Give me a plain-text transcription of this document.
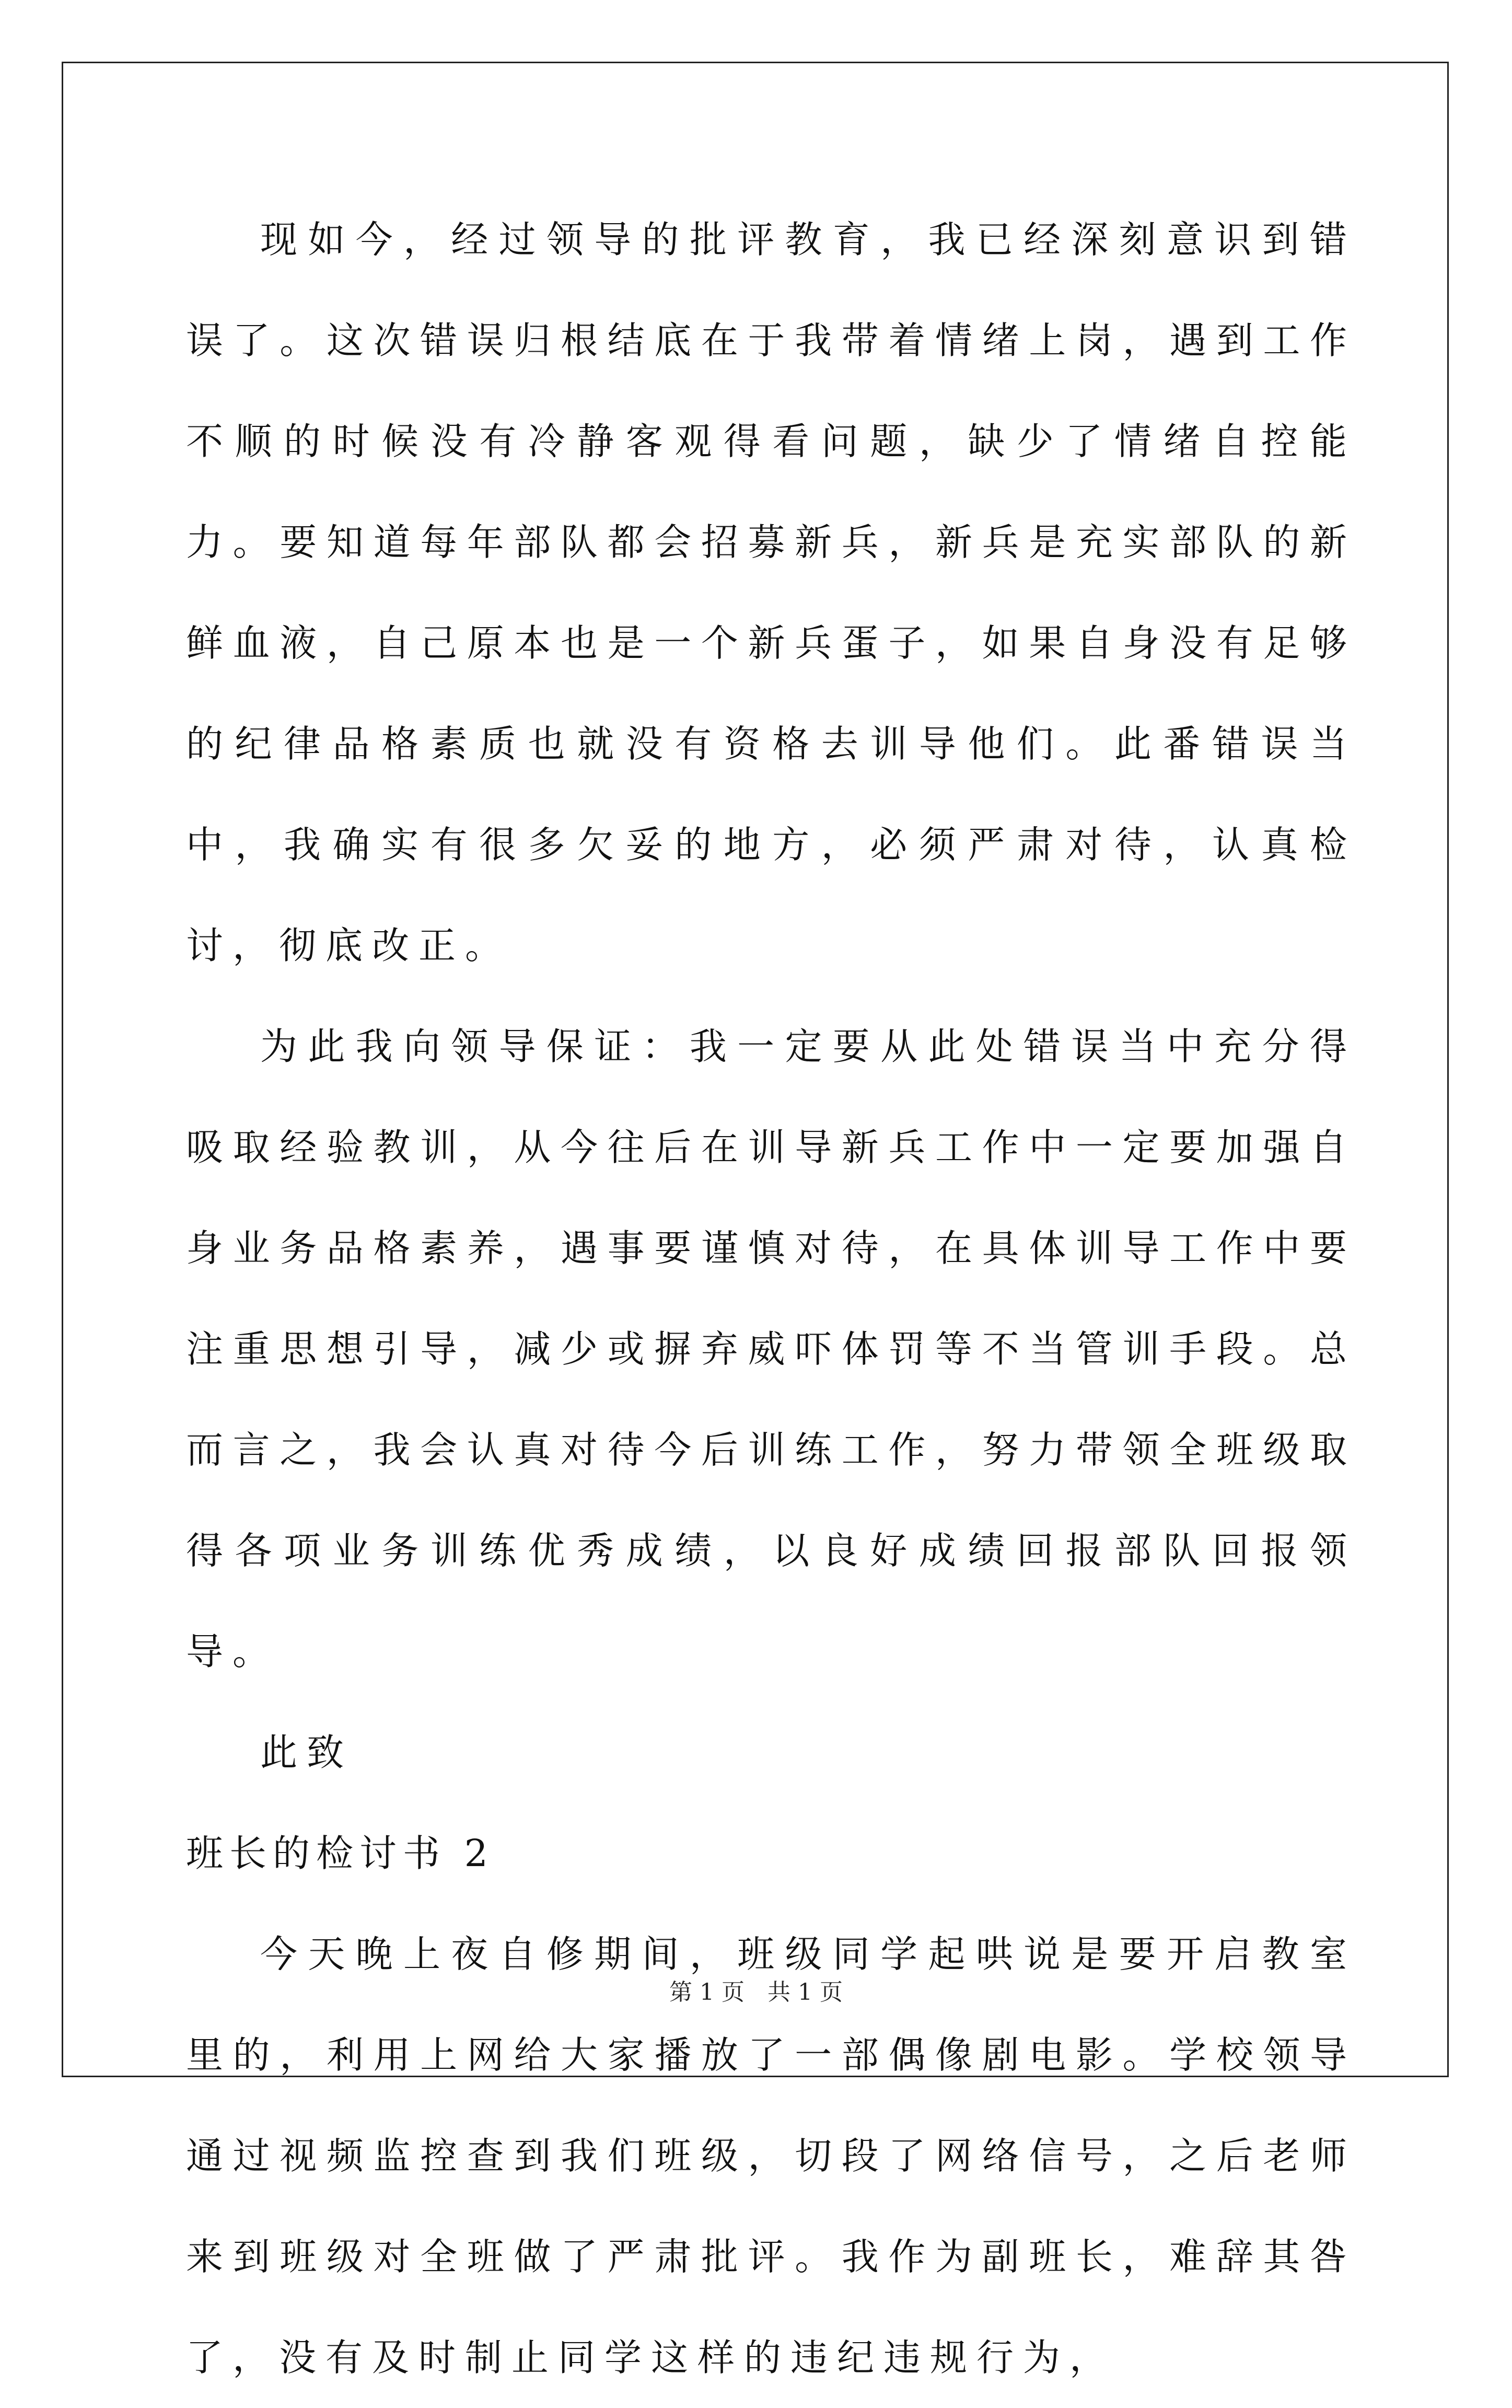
现如今，经过领导的批评教育，我已经深刻意识到错误了。这次错误归根结底在于我带着情绪上岗，遇到工作不顺的时候没有冷静客观得看问题，缺少了情绪自控能力。要知道每年部队都会招募新兵，新兵是充实部队的新鲜血液，自己原本也是一个新兵蛋子，如果自身没有足够的纪律品格素质也就没有资格去训导他们。此番错误当中，我确实有很多欠妥的地方，必须严肃对待，认真检讨，彻底改正。

为此我向领导保证：我一定要从此处错误当中充分得吸取经验教训，从今往后在训导新兵工作中一定要加强自身业务品格素养，遇事要谨慎对待，在具体训导工作中要注重思想引导，减少或摒弃威吓体罚等不当管训手段。总而言之，我会认真对待今后训练工作，努力带领全班级取得各项业务训练优秀成绩，以良好成绩回报部队回报领导。

此致

班长的检讨书 2

今天晚上夜自修期间，班级同学起哄说是要开启教室里的，利用上网给大家播放了一部偶像剧电影。学校领导通过视频监控查到我们班级，切段了网络信号，之后老师来到班级对全班做了严肃批评。我作为副班长，难辞其咎了，没有及时制止同学这样的违纪违规行为，

第 1 页　共 1 页
